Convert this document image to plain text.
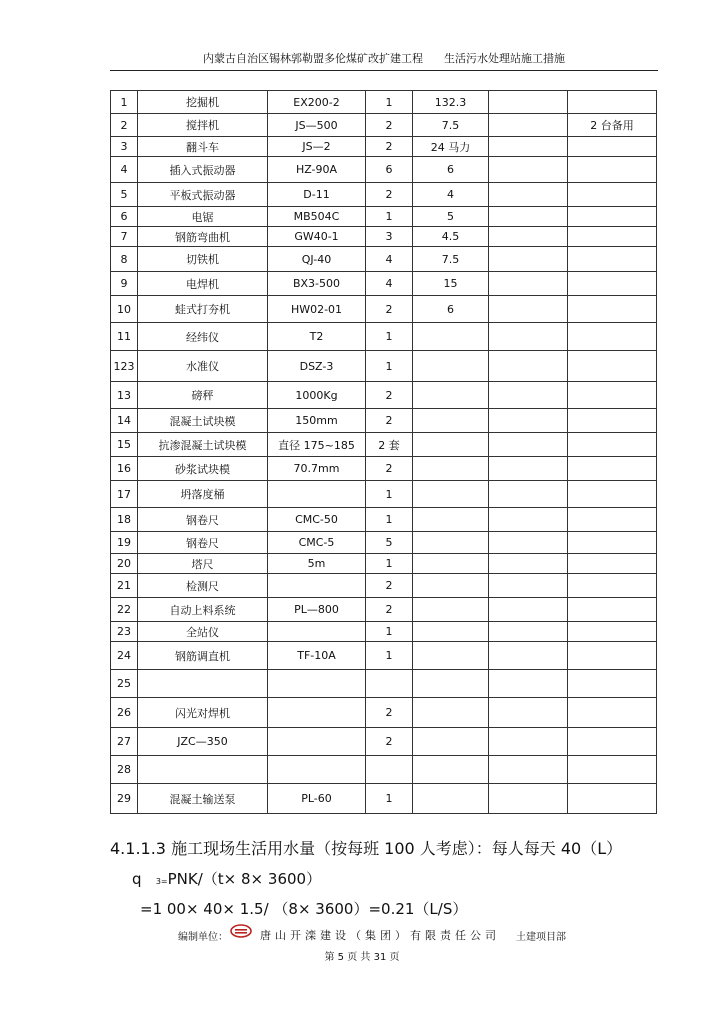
内蒙古自治区锡林郭勒盟多伦煤矿改扩建工程 生活污水处理站施工措施
1	挖掘机	EX200-2	1	132.3		
2	搅拌机	JS—500	2	7.5		2 台备用
3	翻斗车	JS—2	2	24 马力		
4	插入式振动器	HZ-90A	6	6		
5	平板式振动器	D-11	2	4		
6	电锯	MB504C	1	5		
7	钢筋弯曲机	GW40-1	3	4.5		
8	切铁机	QJ-40	4	7.5		
9	电焊机	BX3-500	4	15		
10	蛙式打夯机	HW02-01	2	6		
11	经纬仪	T2	1			
123	水准仪	DSZ-3	1			
13	磅秤	1000Kg	2			
14	混凝土试块模	150mm	2			
15	抗渗混凝土试块模	直径 175~185	2 套			
16	砂浆试块模	70.7mm	2			
17	坍落度桶		1			
18	钢卷尺	CMC-50	1			
19	钢卷尺	CMC-5	5			
20	塔尺	5m	1			
21	检测尺		2			
22	自动上料系统	PL—800	2			
23	全站仪		1			
24	钢筋调直机	TF-10A	1			
25						
26	闪光对焊机		2			
27	JZC—350		2			
28						
29	混凝土输送泵	PL-60	1			
4.1.1.3 施工现场生活用水量（按每班 100 人考虑）：每人每天 40（L）
q 3=PNK/（t× 8× 3600）
=1 00× 40× 1.5/ （8× 3600）=0.21（L/S）
编制单位：	唐山开滦建设（集团）有限责任公司 土建项目部
第 5 页 共 31 页
